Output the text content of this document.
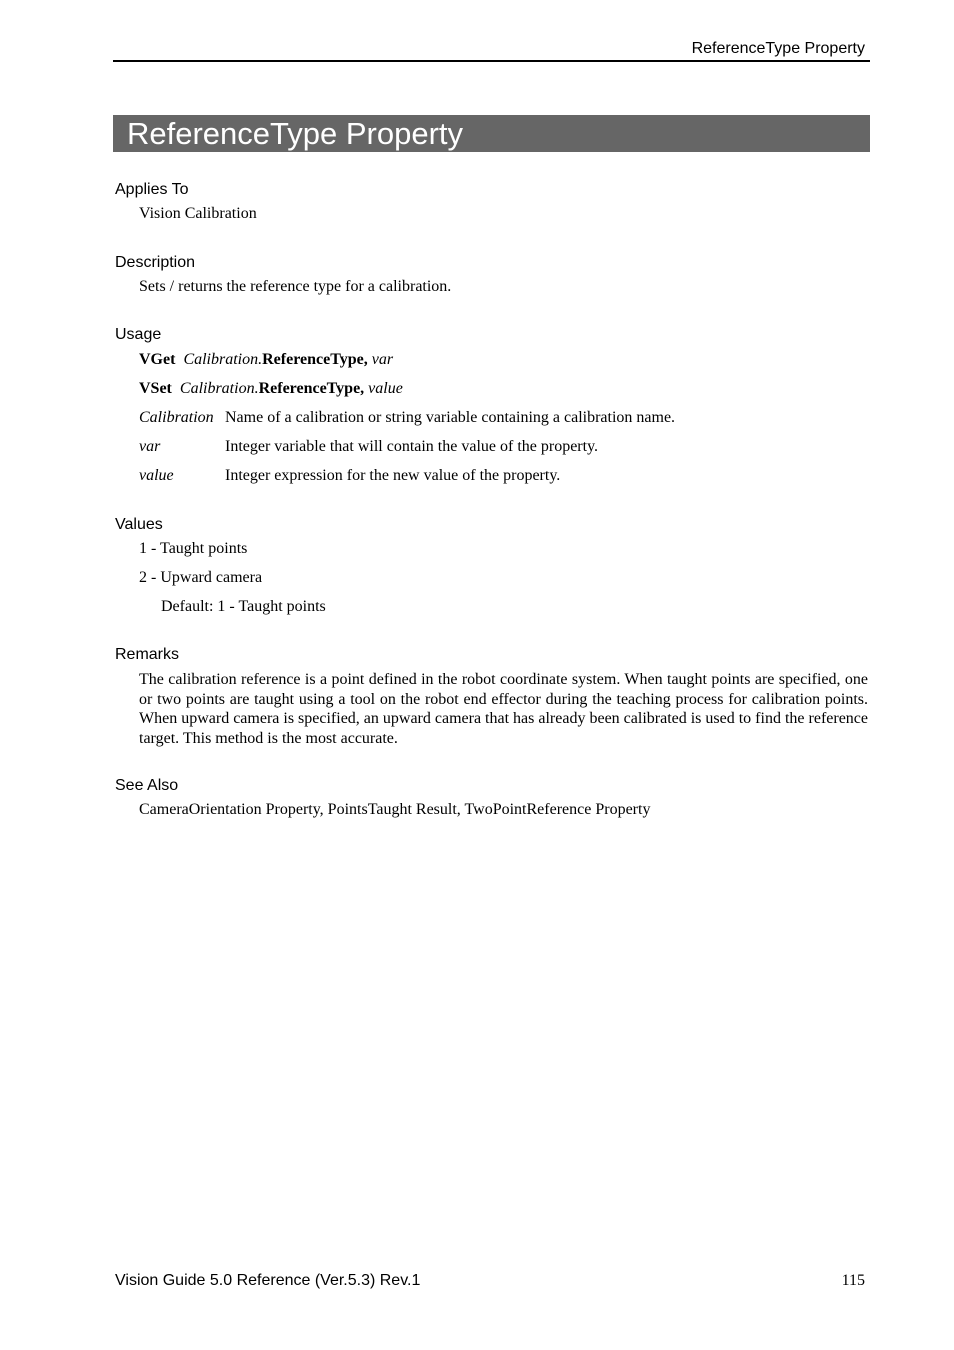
ReferenceType Property
ReferenceType Property
Applies To
Vision Calibration
Description
Sets / returns the reference type for a calibration.
Usage
VGet Calibration.ReferenceType, var
VSet Calibration.ReferenceType, value
Calibration Name of a calibration or string variable containing a calibration name.
var	Integer variable that will contain the value of the property.
value	Integer expression for the new value of the property.
Values
1 - Taught points
2 - Upward camera
Default: 1 - Taught points
Remarks
The calibration reference is a point defined in the robot coordinate system. When taught points are specified, one or two points are taught using a tool on the robot end effector during the teaching process for calibration points. When upward camera is specified, an upward camera that has already been calibrated is used to find the reference target. This method is the most accurate.
See Also
CameraOrientation Property, PointsTaught Result, TwoPointReference Property
Vision Guide 5.0 Reference (Ver.5.3) Rev.1	115
